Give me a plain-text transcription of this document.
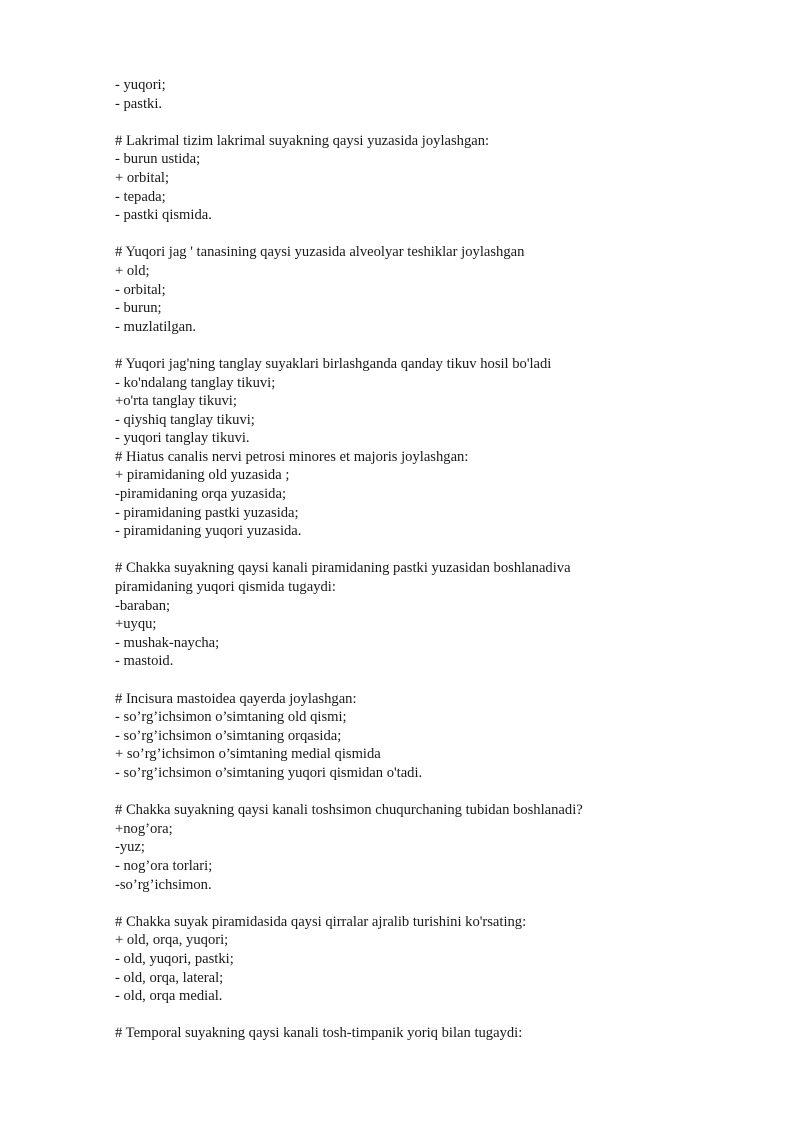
- yuqori;
- pastki.
# Lakrimal tizim lakrimal suyakning qaysi yuzasida joylashgan:
- burun ustida;
+ orbital;
- tepada;
- pastki qismida.
# Yuqori jag ' tanasining qaysi yuzasida alveolyar teshiklar joylashgan
+ old;
- orbital;
- burun;
- muzlatilgan.
# Yuqori jag'ning tanglay suyaklari birlashganda qanday tikuv hosil bo'ladi
- ko'ndalang tanglay tikuvi;
+o'rta tanglay tikuvi;
- qiyshiq tanglay tikuvi;
- yuqori tanglay tikuvi.
# Hiatus canalis nervi petrosi minores et majoris joylashgan:
+ piramidaning old yuzasida ;
-piramidaning orqa yuzasida;
- piramidaning pastki yuzasida;
- piramidaning yuqori yuzasida.
# Chakka suyakning qaysi kanali piramidaning pastki yuzasidan boshlanadiva
piramidaning yuqori qismida tugaydi:
-baraban;
+uyqu;
- mushak-naycha;
- mastoid.
# Incisura mastoidea qayerda joylashgan:
- so’rg’ichsimon o’simtaning old qismi;
- so’rg’ichsimon o’simtaning orqasida;
+ so’rg’ichsimon o’simtaning medial qismida
- so’rg’ichsimon o’simtaning yuqori qismidan o'tadi.
# Chakka suyakning qaysi kanali toshsimon chuqurchaning tubidan boshlanadi?
+nog’ora;
-yuz;
- nog’ora torlari;
-so’rg’ichsimon.
# Chakka suyak piramidasida qaysi qirralar ajralib turishini ko'rsating:
+ old, orqa, yuqori;
- old, yuqori, pastki;
- old, orqa, lateral;
- old, orqa medial.
# Temporal suyakning qaysi kanali tosh-timpanik yoriq bilan tugaydi:
